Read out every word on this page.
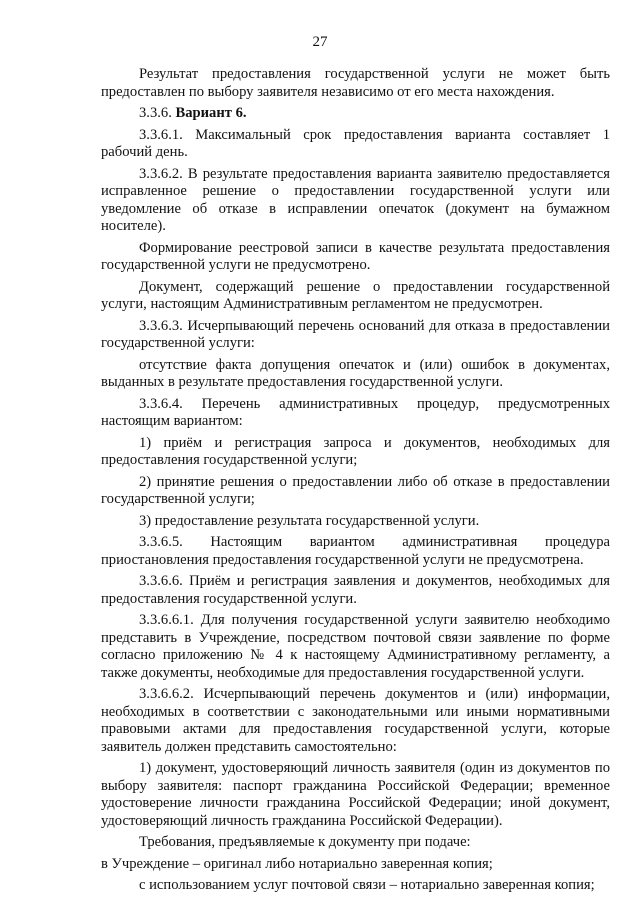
27

Результат предоставления государственной услуги не может быть предоставлен по выбору заявителя независимо от его места нахождения.

3.3.6. Вариант 6.

3.3.6.1. Максимальный срок предоставления варианта составляет 1 рабочий день.

3.3.6.2. В результате предоставления варианта заявителю предоставляется исправленное решение о предоставлении государственной услуги или уведомление об отказе в исправлении опечаток (документ на бумажном носителе).

Формирование реестровой записи в качестве результата предоставления государственной услуги не предусмотрено.

Документ, содержащий решение о предоставлении государственной услуги, настоящим Административным регламентом не предусмотрен.

3.3.6.3. Исчерпывающий перечень оснований для отказа в предоставлении государственной услуги:

отсутствие факта допущения опечаток и (или) ошибок в документах, выданных в результате предоставления государственной услуги.

3.3.6.4. Перечень административных процедур, предусмотренных настоящим вариантом:

1) приём и регистрация запроса и документов, необходимых для предоставления государственной услуги;

2) принятие решения о предоставлении либо об отказе в предоставлении государственной услуги;

3) предоставление результата государственной услуги.

3.3.6.5. Настоящим вариантом административная процедура приостановления предоставления государственной услуги не предусмотрена.

3.3.6.6. Приём и регистрация заявления и документов, необходимых для предоставления государственной услуги.

3.3.6.6.1. Для получения государственной услуги заявителю необходимо представить в Учреждение, посредством почтовой связи заявление по форме согласно приложению № 4 к настоящему Административному регламенту, а также документы, необходимые для предоставления государственной услуги.

3.3.6.6.2. Исчерпывающий перечень документов и (или) информации, необходимых в соответствии с законодательными или иными нормативными правовыми актами для предоставления государственной услуги, которые заявитель должен представить самостоятельно:

1) документ, удостоверяющий личность заявителя (один из документов по выбору заявителя: паспорт гражданина Российской Федерации; временное удостоверение личности гражданина Российской Федерации; иной документ, удостоверяющий личность гражданина Российской Федерации).

Требования, предъявляемые к документу при подаче:

в Учреждение – оригинал либо нотариально заверенная копия;

с использованием услуг почтовой связи – нотариально заверенная копия;
